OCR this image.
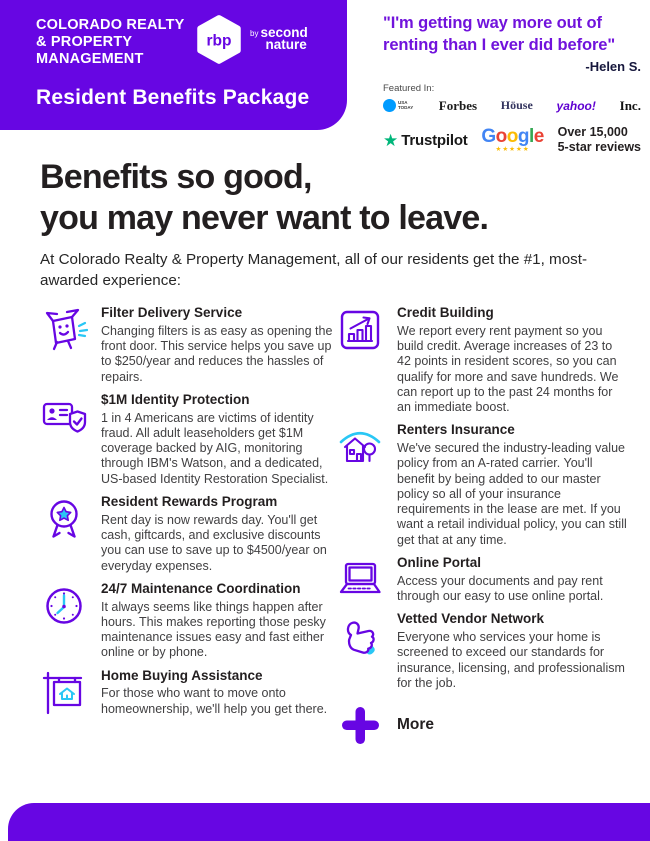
COLORADO REALTY & PROPERTY MANAGEMENT
rbp by second
nature
Resident Benefits Package
"I'm getting way more out of renting than I ever did before"
-Helen S.
Featured In:
USA TODAY Forbes Höuse yahoo! Inc.
★ Trustpilot Google
★★★★★
Over 15,000
5-star reviews
Benefits so good,
you may never want to leave.
At Colorado Realty & Property Management, all of our residents get the #1, most-awarded experience:
Filter Delivery Service
Changing filters is as easy as opening the front door. This service helps you save up to $250/year and reduces the hassles of repairs.
$1M Identity Protection
1 in 4 Americans are victims of identity fraud. All adult leaseholders get $1M coverage backed by AIG, monitoring through IBM's Watson, and a dedicated, US-based Identity Restoration Specialist.
Resident Rewards Program
Rent day is now rewards day. You'll get cash, giftcards, and exclusive discounts you can use to save up to $4500/year on everyday expenses.
24/7 Maintenance Coordination
It always seems like things happen after hours. This makes reporting those pesky maintenance issues easy and fast either online or by phone.
Home Buying Assistance
For those who want to move onto homeownership, we'll help you get there.
Credit Building
We report every rent payment so you build credit. Average increases of 23 to 42 points in resident scores, so you can qualify for more and save hundreds. We can report up to the past 24 months for an immediate boost.
Renters Insurance
We've secured the industry-leading value policy from an A-rated carrier. You'll benefit by being added to our master policy so all of your insurance requirements in the lease are met. If you want a retail individual policy, you can still get that at any time.
Online Portal
Access your documents and pay rent through our easy to use online portal.
Vetted Vendor Network
Everyone who services your home is screened to exceed our standards for insurance, licensing, and professionalism for the job.
More
